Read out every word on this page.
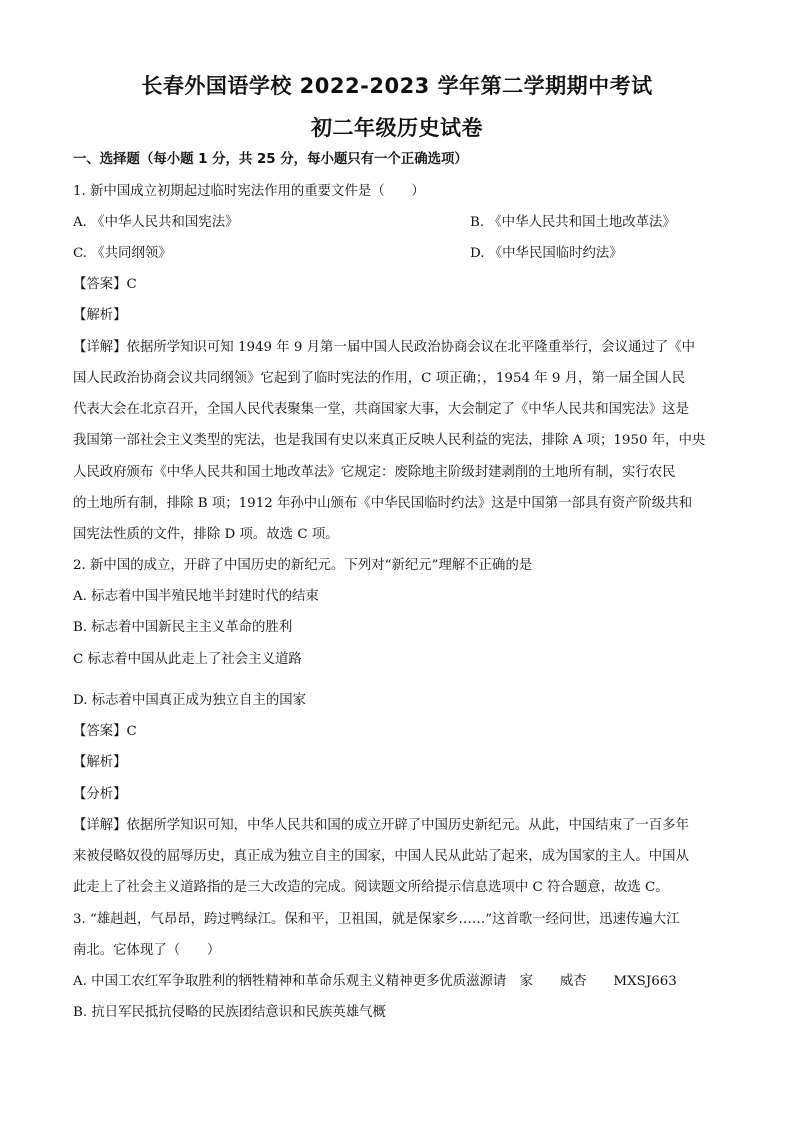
长春外国语学校 2022-2023 学年第二学期期中考试
初二年级历史试卷
一、选择题（每小题 1 分，共 25 分，每小题只有一个正确选项）
1. 新中国成立初期起过临时宪法作用的重要文件是（　　）
A. 《中华人民共和国宪法》	B. 《中华人民共和国土地改革法》
C. 《共同纲领》	D. 《中华民国临时约法》
【答案】C
【解析】
【详解】依据所学知识可知 1949 年 9 月第一届中国人民政治协商会议在北平隆重举行，会议通过了《中
国人民政治协商会议共同纲领》它起到了临时宪法的作用，C 项正确；，1954 年 9 月，第一届全国人民
代表大会在北京召开，全国人民代表聚集一堂，共商国家大事，大会制定了《中华人民共和国宪法》这是
我国第一部社会主义类型的宪法，也是我国有史以来真正反映人民利益的宪法，排除 A 项；1950 年，中央
人民政府颁布《中华人民共和国土地改革法》它规定：废除地主阶级封建剥削的土地所有制，实行农民
的土地所有制，排除 B 项；1912 年孙中山颁布《中华民国临时约法》这是中国第一部具有资产阶级共和
国宪法性质的文件，排除 D 项。故选 C 项。
2. 新中国的成立，开辟了中国历史的新纪元。下列对“新纪元”理解不正确的是
A. 标志着中国半殖民地半封建时代的结束
B. 标志着中国新民主主义革命的胜利
C 标志着中国从此走上了社会主义道路
D. 标志着中国真正成为独立自主的国家
【答案】C
【解析】
【分析】
【详解】依据所学知识可知，中华人民共和国的成立开辟了中国历史新纪元。从此，中国结束了一百多年
来被侵略奴役的屈辱历史，真正成为独立自主的国家，中国人民从此站了起来，成为国家的主人。中国从
此走上了社会主义道路指的是三大改造的完成。阅读题文所给提示信息选项中 C 符合题意，故选 C。
3. “雄赳赳，气昂昂，跨过鸭绿江。保和平，卫祖国，就是保家乡……”这首歌一经问世，迅速传遍大江
南北。它体现了（　　）
A. 中国工农红军争取胜利的牺牲精神和革命乐观主义精神更多优质滋源请　家　　威杏　　MXSJ663
B. 抗日军民抵抗侵略的民族团结意识和民族英雄气概
